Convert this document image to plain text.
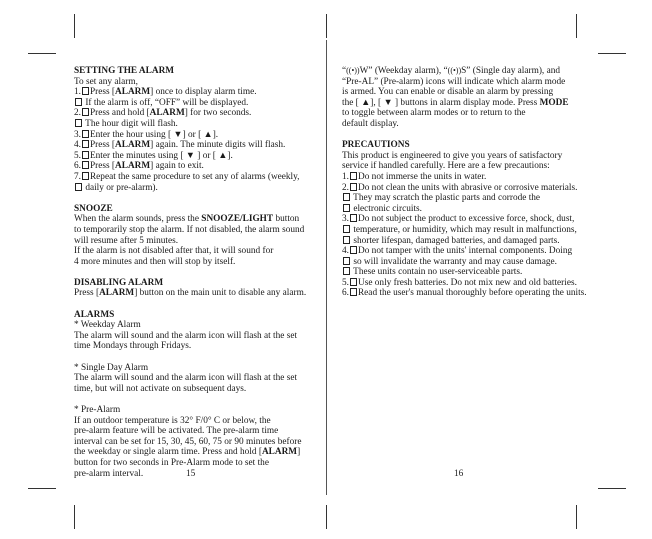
SETTING THE ALARM
To set any alarm,
1. Press [ALARM] once to display alarm time.
If the alarm is off, “OFF” will be displayed.
2. Press and hold [ALARM] for two seconds.
The hour digit will flash.
3. Enter the hour using [ ▼] or [ ▲].
4. Press [ALARM] again. The minute digits will flash.
5. Enter the minutes using [ ▼ ] or [ ▲].
6. Press [ALARM] again to exit.
7. Repeat the same procedure to set any of alarms (weekly,
daily or pre-alarm).
SNOOZE
When the alarm sounds, press the SNOOZE/LIGHT button
to temporarily stop the alarm. If not disabled, the alarm sound
will resume after 5 minutes.
If the alarm is not disabled after that, it will sound for
4 more minutes and then will stop by itself.
DISABLING ALARM
Press [ALARM] button on the main unit to disable any alarm.
ALARMS
* Weekday Alarm
The alarm will sound and the alarm icon will flash at the set
time Mondays through Fridays.
* Single Day Alarm
The alarm will sound and the alarm icon will flash at the set
time, but will not activate on subsequent days.
* Pre-Alarm
If an outdoor temperature is 32° F/0° C or below, the
pre-alarm feature will be activated. The pre-alarm time
interval can be set for 15, 30, 45, 60, 75 or 90 minutes before
the weekday or single alarm time. Press and hold [ALARM]
button for two seconds in Pre-Alarm mode to set the
pre-alarm interval.	15
“((•))W” (Weekday alarm), “((•))S” (Single day alarm), and
“Pre-AL” (Pre-alarm) icons will indicate which alarm mode
is armed. You can enable or disable an alarm by pressing
the [ ▲], [ ▼ ] buttons in alarm display mode. Press MODE
to toggle between alarm modes or to return to the
default display.
PRECAUTIONS
This product is engineered to give you years of satisfactory
service if handled carefully. Here are a few precautions:
1. Do not immerse the units in water.
2. Do not clean the units with abrasive or corrosive materials.
They may scratch the plastic parts and corrode the
electronic circuits.
3. Do not subject the product to excessive force, shock, dust,
temperature, or humidity, which may result in malfunctions,
shorter lifespan, damaged batteries, and damaged parts.
4. Do not tamper with the units' internal components. Doing
so will invalidate the warranty and may cause damage.
These units contain no user-serviceable parts.
5. Use only fresh batteries. Do not mix new and old batteries.
6. Read the user's manual thoroughly before operating the units.
16
